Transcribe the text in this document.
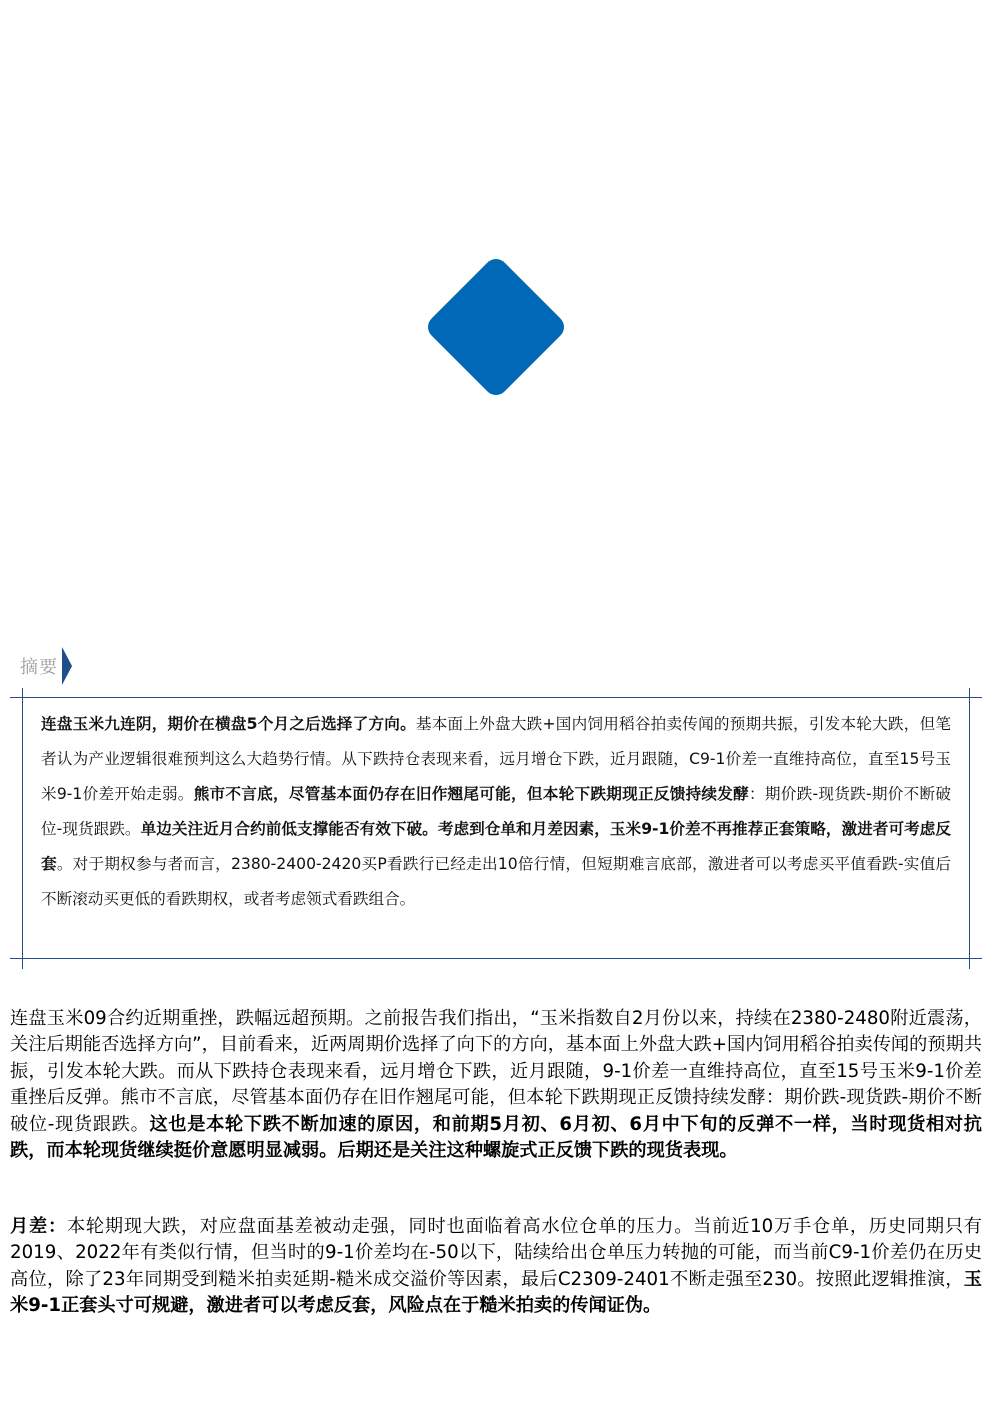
摘要
连盘玉米九连阴，期价在横盘5个月之后选择了方向。基本面上外盘大跌+国内饲用稻谷拍卖传闻的预期共振，引发本轮大跌，但笔者认为产业逻辑很难预判这么大趋势行情。从下跌持仓表现来看，远月增仓下跌，近月跟随，C9-1价差一直维持高位，直至15号玉米9-1价差开始走弱。熊市不言底，尽管基本面仍存在旧作翘尾可能，但本轮下跌期现正反馈持续发酵：期价跌-现货跌-期价不断破位-现货跟跌。单边关注近月合约前低支撑能否有效下破。考虑到仓单和月差因素，玉米9-1价差不再推荐正套策略，激进者可考虑反套。对于期权参与者而言，2380-2400-2420买P看跌行已经走出10倍行情，但短期难言底部，激进者可以考虑买平值看跌-实值后不断滚动买更低的看跌期权，或者考虑领式看跌组合。
连盘玉米09合约近期重挫，跌幅远超预期。之前报告我们指出，“玉米指数自2月份以来，持续在2380-2480附近震荡，关注后期能否选择方向”，目前看来，近两周期价选择了向下的方向，基本面上外盘大跌+国内饲用稻谷拍卖传闻的预期共振，引发本轮大跌。而从下跌持仓表现来看，远月增仓下跌，近月跟随，9-1价差一直维持高位，直至15号玉米9-1价差重挫后反弹。熊市不言底，尽管基本面仍存在旧作翘尾可能，但本轮下跌期现正反馈持续发酵：期价跌-现货跌-期价不断破位-现货跟跌。这也是本轮下跌不断加速的原因，和前期5月初、6月初、6月中下旬的反弹不一样，当时现货相对抗跌，而本轮现货继续挺价意愿明显减弱。后期还是关注这种螺旋式正反馈下跌的现货表现。
月差：本轮期现大跌，对应盘面基差被动走强，同时也面临着高水位仓单的压力。当前近10万手仓单，历史同期只有2019、2022年有类似行情，但当时的9-1价差均在-50以下，陆续给出仓单压力转抛的可能，而当前C9-1价差仍在历史高位，除了23年同期受到糙米拍卖延期-糙米成交溢价等因素，最后C2309-2401不断走强至230。按照此逻辑推演，玉米9-1正套头寸可规避，激进者可以考虑反套，风险点在于糙米拍卖的传闻证伪。
